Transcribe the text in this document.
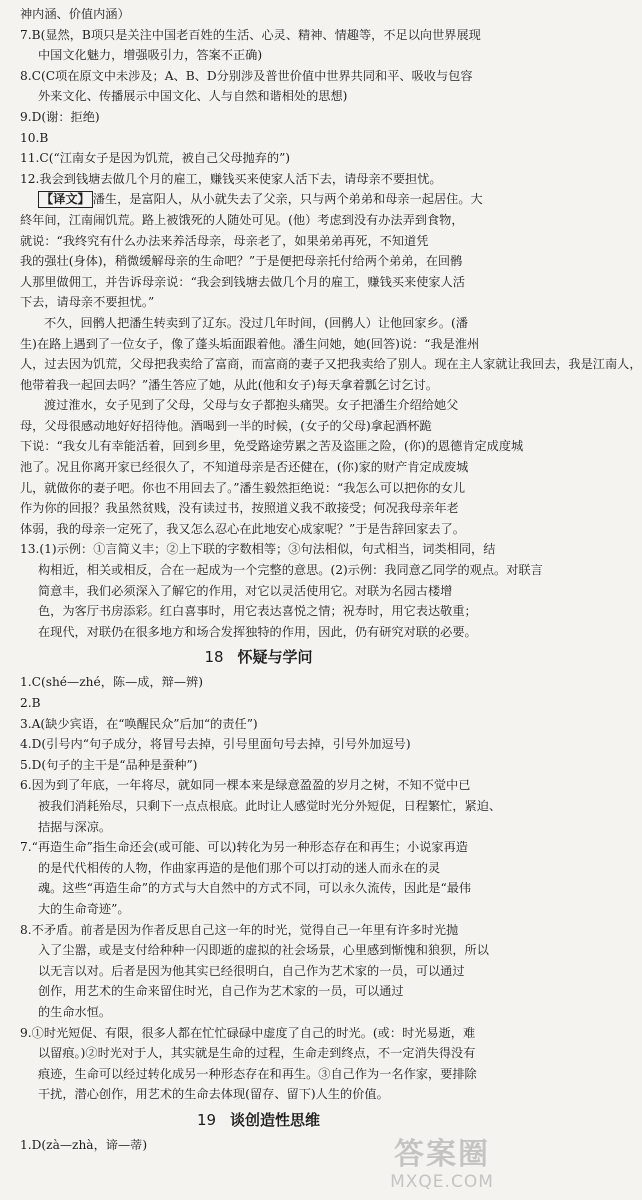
神内涵、价值内涵）
7.B(显然，B项只是关注中国老百姓的生活、心灵、精神、情趣等，不足以向世界展现
中国文化魅力，增强吸引力，答案不正确)
8.C(C项在原文中未涉及；A、B、D分别涉及普世价值中世界共同和平、吸收与包容
外来文化、传播展示中国文化、人与自然和谐相处的思想)
9.D(谢：拒绝)
10.B
11.C(“江南女子是因为饥荒，被自己父母抛弃的”)
12.我会到钱塘去做几个月的雇工，赚钱买来使家人活下去，请母亲不要担忧。
【译文】 潘生，是富阳人，从小就失去了父亲，只与两个弟弟和母亲一起居住。大
終年间，江南闹饥荒。路上被饿死的人随处可见。(他）考虑到没有办法弄到食物，
就说：“我终究有什么办法来养活母亲，母亲老了，如果弟弟再死，不知道凭
我的强壮(身体)，稍微缓解母亲的生命吧？”于是便把母亲托付给两个弟弟，在回鹘
人那里做佣工，并告诉母亲说：“我会到钱塘去做几个月的雇工，赚钱买来使家人活
下去，请母亲不要担忧。”
不久，回鹘人把潘生转卖到了辽东。没过几年时间，(回鹘人）让他回家乡。(潘
生)在路上遇到了一位女子，像了蓬头垢面跟着他。潘生问她，她(回答)说：“我是淮州
人，过去因为饥荒，父母把我卖给了富商，而富商的妻子又把我卖给了别人。现在主人家就让我回去，我是江南人，
他带着我一起回去吗？”潘生答应了她，从此(他和女子)每天拿着瓢乞讨乞讨。
渡过淮水，女子见到了父母，父母与女子都抱头痛哭。女子把潘生介绍给她父
母，父母很感动地好好招待他。酒喝到一半的时候，(女子的父母)拿起酒杯跪
下说：“我女儿有幸能活着，回到乡里，免受路途劳累之苦及盗匪之险，(你)的恩德肯定成度城
池了。况且你离开家已经很久了，不知道母亲是否还健在，(你)家的财产肯定成废城
儿，就做你的妻子吧。你也不用回去了。”潘生毅然拒绝说：“我怎么可以把你的女儿
作为你的回报？我虽然贫贱，没有读过书，按照道义我不敢接受；何况我母亲年老
体弱，我的母亲一定死了，我又怎么忍心在此地安心成家呢？”于是告辞回家去了。
13.(1)示例：①言简义丰；②上下联的字数相等；③句法相似，句式相当，词类相同，结
构相近，相关或相反，合在一起成为一个完整的意思。(2)示例：我同意乙同学的观点。对联言
简意丰，我们必须深入了解它的作用，对它以灵活使用它。对联为名园古楼增
色，为客厅书房添彩。红白喜事时，用它表达喜悦之情；祝寿时，用它表达敬重；
在现代，对联仍在很多地方和场合发挥独特的作用，因此，仍有研究对联的必要。
18 怀疑与学问
1.C(shé—zhé，陈—成，辩—辨)
2.B
3.A(缺少宾语，在“唤醒民众”后加“的责任”)
4.D(引号内“句子成分，将冒号去掉，引号里面句号去掉，引号外加逗号)
5.D(句子的主干是“品种是蚕种”)
6.因为到了年底，一年将尽，就如同一棵本来是绿意盈盈的岁月之树，不知不觉中已
被我们消耗殆尽，只剩下一点点根底。此时让人感觉时光分外短促，日程繁忙，紧迫、
拮据与深凉。
7.“再造生命”指生命还会(或可能、可以)转化为另一种形态存在和再生；小说家再造
的是代代相传的人物，作曲家再造的是他们那个可以打动的迷人而永在的灵
魂。这些“再造生命”的方式与大自然中的方式不同，可以永久流传，因此是“最伟
大的生命奇迹”。
8.不矛盾。前者是因为作者反思自己这一年的时光，觉得自己一年里有许多时光抛
入了尘嚣，或是支付给种种一闪即逝的虚拟的社会场景，心里感到惭愧和狼狈，所以
以无言以对。后者是因为他其实已经很明白，自己作为艺术家的一员，可以通过
创作，用艺术的生命来留住时光，自己作为艺术家的一员，可以通过
的生命水恒。
9.①时光短促、有限，很多人都在忙忙碌碌中虚度了自己的时光。(或：时光易逝，难
以留痕。)②时光对于人，其实就是生命的过程，生命走到终点，不一定消失得没有
痕迹，生命可以经过转化成另一种形态存在和再生。③自己作为一名作家，要排除
干扰，潜心创作，用艺术的生命去体现(留存、留下)人生的价值。
19 谈创造性思维
1.D(zà—zhà，谛—蒂)	答案圈
MXQE.COM
